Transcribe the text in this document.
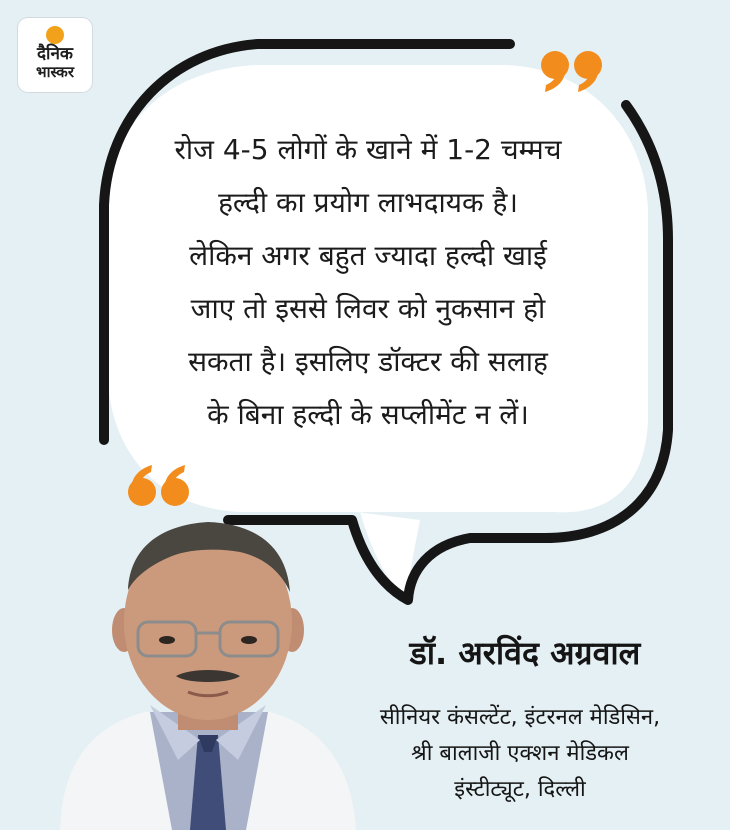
दैनिक
भास्कर
रोज 4-5 लोगों के खाने में 1-2 चम्मच
हल्दी का प्रयोग लाभदायक है।
लेकिन अगर बहुत ज्यादा हल्दी खाई
जाए तो इससे लिवर को नुकसान हो
सकता है। इसलिए डॉक्टर की सलाह
के बिना हल्दी के सप्लीमेंट न लें।
डॉ. अरविंद अग्रवाल
सीनियर कंसल्टेंट, इंटरनल मेडिसिन,
श्री बालाजी एक्शन मेडिकल
इंस्टीट्यूट, दिल्ली
